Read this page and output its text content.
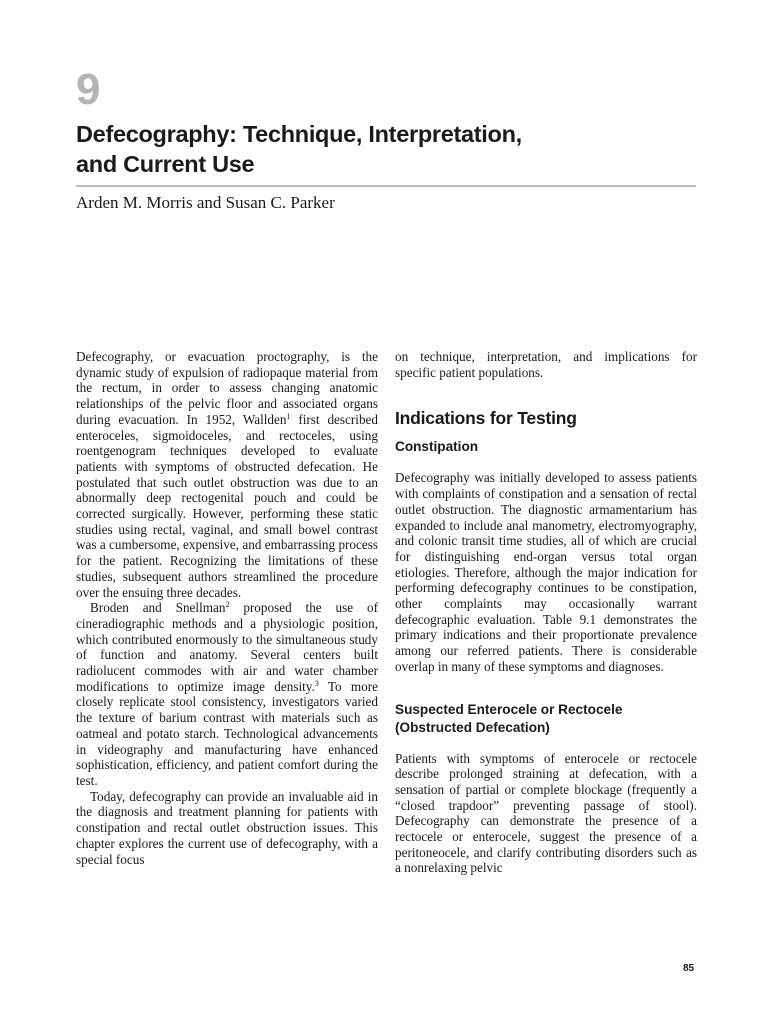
9
Defecography: Technique, Interpretation,
and Current Use
Arden M. Morris and Susan C. Parker

Defecography, or evacuation proctography, is the dynamic study of expulsion of radiopaque material from the rectum, in order to assess changing anatomic relationships of the pelvic floor and associated organs during evacuation. In 1952, Wallden$^1$ first described enteroceles, sigmoidoceles, and rectoceles, using roentgenogram techniques developed to evaluate patients with symptoms of obstructed defecation. He postulated that such outlet obstruction was due to an abnormally deep rectogenital pouch and could be corrected surgically. However, performing these static studies using rectal, vaginal, and small bowel contrast was a cumbersome, expensive, and embarrassing process for the patient. Recognizing the limitations of these studies, subsequent authors streamlined the procedure over the ensuing three decades.

Broden and Snellman$^2$ proposed the use of cineradiographic methods and a physiologic position, which contributed enormously to the simultaneous study of function and anatomy. Several centers built radiolucent commodes with air and water chamber modifications to optimize image density.$^3$ To more closely replicate stool consistency, investigators varied the texture of barium contrast with materials such as oatmeal and potato starch. Technological advancements in videography and manufacturing have enhanced sophistication, efficiency, and patient comfort during the test.

Today, defecography can provide an invaluable aid in the diagnosis and treatment planning for patients with constipation and rectal outlet obstruction issues. This chapter explores the current use of defecography, with a special focus

on technique, interpretation, and implications for specific patient populations.

Indications for Testing
Constipation

Defecography was initially developed to assess patients with complaints of constipation and a sensation of rectal outlet obstruction. The diagnostic armamentarium has expanded to include anal manometry, electromyography, and colonic transit time studies, all of which are crucial for distinguishing end-organ versus total organ etiologies. Therefore, although the major indication for performing defecography continues to be constipation, other complaints may occasionally warrant defecographic evaluation. Table 9.1 demonstrates the primary indications and their proportionate prevalence among our referred patients. There is considerable overlap in many of these symptoms and diagnoses.

Suspected Enterocele or Rectocele
(Obstructed Defecation)

Patients with symptoms of enterocele or rectocele describe prolonged straining at defecation, with a sensation of partial or complete blockage (frequently a “closed trapdoor” preventing passage of stool). Defecography can demonstrate the presence of a rectocele or enterocele, suggest the presence of a peritoneocele, and clarify contributing disorders such as a nonrelaxing pelvic

85
